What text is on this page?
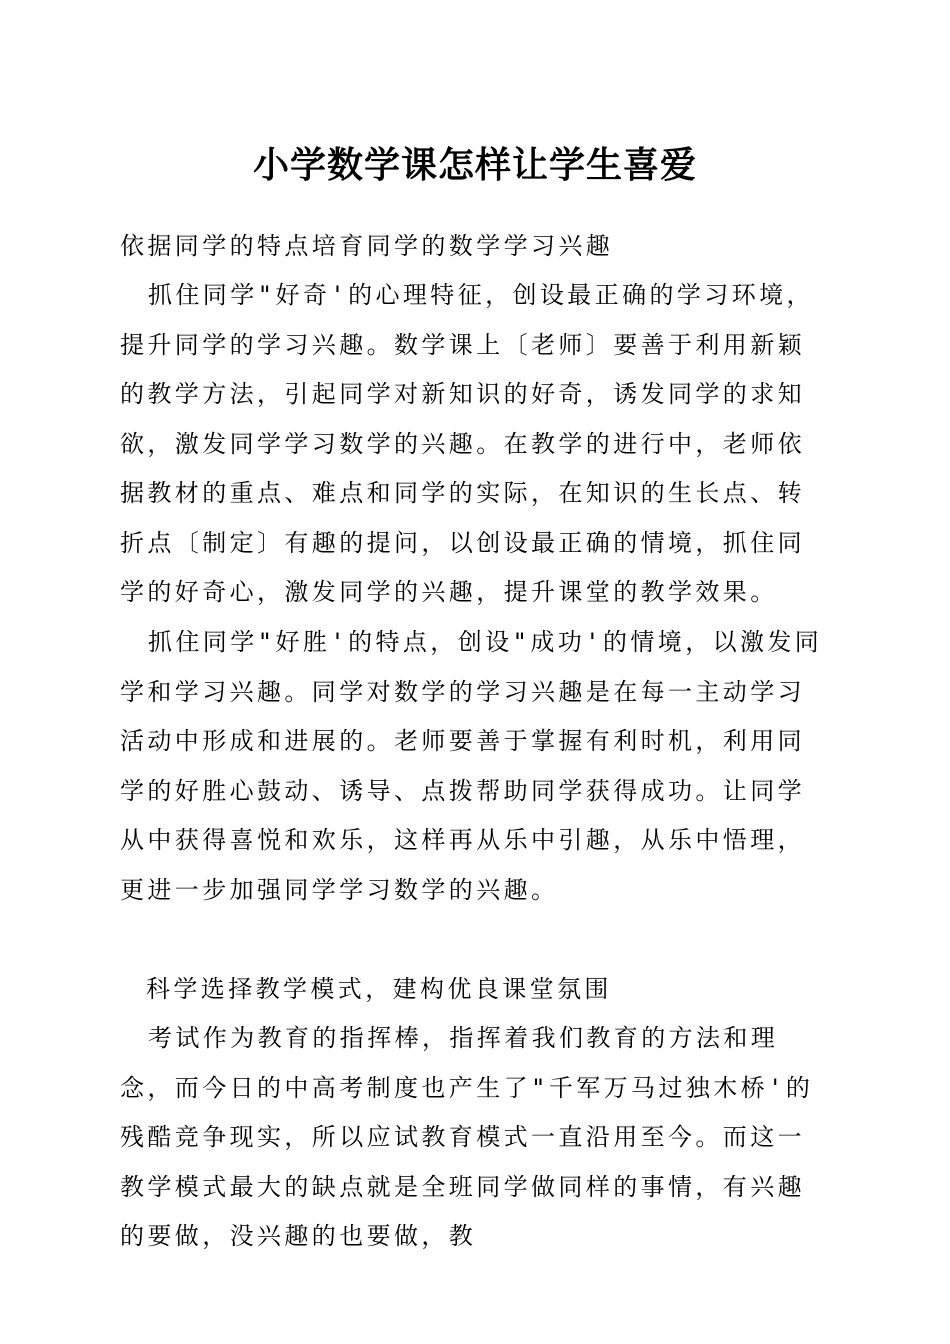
小学数学课怎样让学生喜爱
依据同学的特点培育同学的数学学习兴趣

抓住同学"好奇'的心理特征，创设最正确的学习环境，提升同学的学习兴趣。数学课上〔老师〕要善于利用新颖的教学方法，引起同学对新知识的好奇，诱发同学的求知欲，激发同学学习数学的兴趣。在教学的进行中，老师依据教材的重点、难点和同学的实际，在知识的生长点、转折点〔制定〕有趣的提问，以创设最正确的情境，抓住同学的好奇心，激发同学的兴趣，提升课堂的教学效果。

抓住同学"好胜'的特点，创设"成功'的情境，以激发同学和学习兴趣。同学对数学的学习兴趣是在每一主动学习活动中形成和进展的。老师要善于掌握有利时机，利用同学的好胜心鼓动、诱导、点拨帮助同学获得成功。让同学从中获得喜悦和欢乐，这样再从乐中引趣，从乐中悟理，更进一步加强同学学习数学的兴趣。

科学选择教学模式，建构优良课堂氛围

考试作为教育的指挥棒，指挥着我们教育的方法和理念，而今日的中高考制度也产生了"千军万马过独木桥'的残酷竞争现实，所以应试教育模式一直沿用至今。而这一教学模式最大的缺点就是全班同学做同样的事情，有兴趣的要做，没兴趣的也要做，教
